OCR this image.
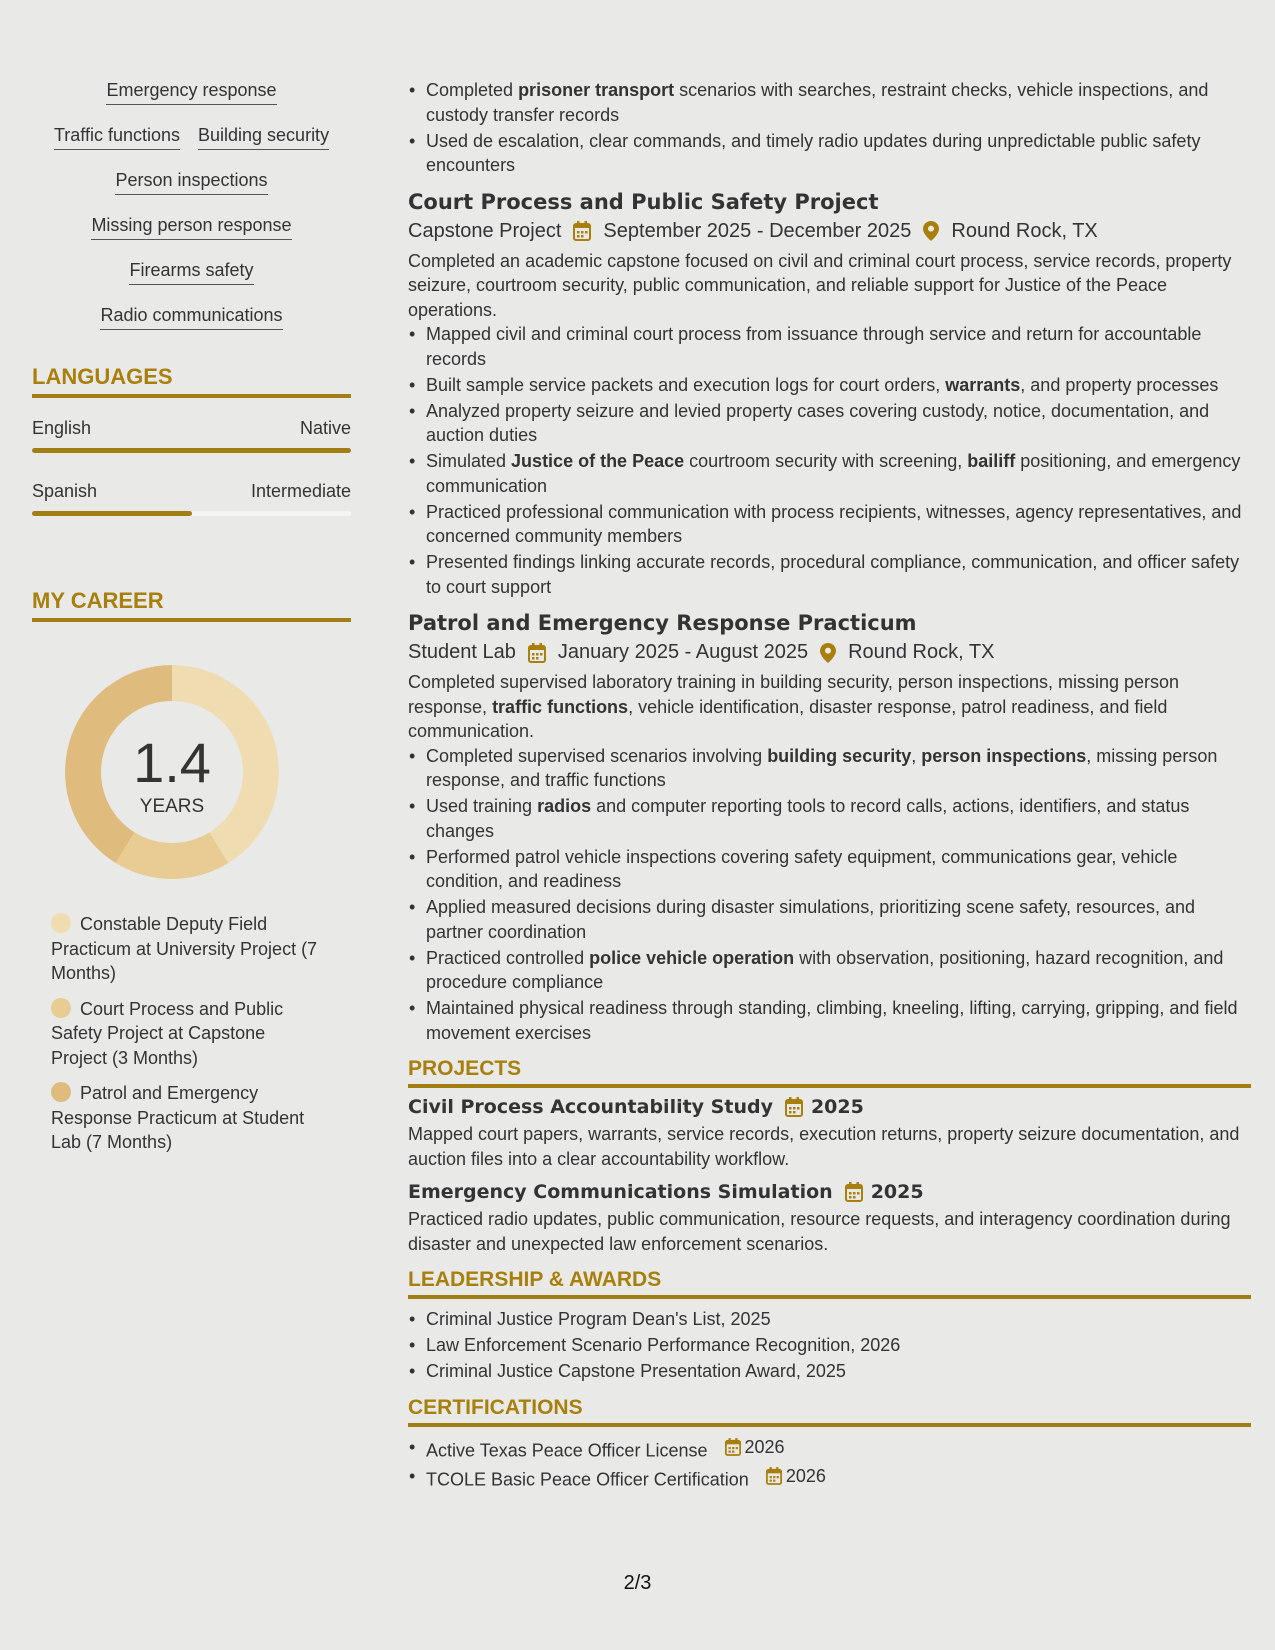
Emergency response
Traffic functions Building security
Person inspections
Missing person response
Firearms safety
Radio communications
LANGUAGES
English	Native
Spanish	Intermediate
MY CAREER
1.4
YEARS
Constable Deputy Field Practicum at University Project (7 Months)
Court Process and Public Safety Project at Capstone Project (3 Months)
Patrol and Emergency Response Practicum at Student Lab (7 Months)
• Completed prisoner transport scenarios with searches, restraint checks, vehicle inspections, and custody transfer records
• Used de escalation, clear commands, and timely radio updates during unpredictable public safety encounters
Court Process and Public Safety Project
Capstone Project September 2025 - December 2025 Round Rock, TX
Completed an academic capstone focused on civil and criminal court process, service records, property seizure, courtroom security, public communication, and reliable support for Justice of the Peace operations.
• Mapped civil and criminal court process from issuance through service and return for accountable records
• Built sample service packets and execution logs for court orders, warrants, and property processes
• Analyzed property seizure and levied property cases covering custody, notice, documentation, and auction duties
• Simulated Justice of the Peace courtroom security with screening, bailiff positioning, and emergency communication
• Practiced professional communication with process recipients, witnesses, agency representatives, and concerned community members
• Presented findings linking accurate records, procedural compliance, communication, and officer safety to court support
Patrol and Emergency Response Practicum
Student Lab January 2025 - August 2025 Round Rock, TX
Completed supervised laboratory training in building security, person inspections, missing person response, traffic functions, vehicle identification, disaster response, patrol readiness, and field communication.
• Completed supervised scenarios involving building security, person inspections, missing person response, and traffic functions
• Used training radios and computer reporting tools to record calls, actions, identifiers, and status changes
• Performed patrol vehicle inspections covering safety equipment, communications gear, vehicle condition, and readiness
• Applied measured decisions during disaster simulations, prioritizing scene safety, resources, and partner coordination
• Practiced controlled police vehicle operation with observation, positioning, hazard recognition, and procedure compliance
• Maintained physical readiness through standing, climbing, kneeling, lifting, carrying, gripping, and field movement exercises
PROJECTS
Civil Process Accountability Study 2025
Mapped court papers, warrants, service records, execution returns, property seizure documentation, and auction files into a clear accountability workflow.
Emergency Communications Simulation 2025
Practiced radio updates, public communication, resource requests, and interagency coordination during disaster and unexpected law enforcement scenarios.
LEADERSHIP & AWARDS
• Criminal Justice Program Dean's List, 2025
• Law Enforcement Scenario Performance Recognition, 2026
• Criminal Justice Capstone Presentation Award, 2025
CERTIFICATIONS
• Active Texas Peace Officer License 2026
• TCOLE Basic Peace Officer Certification 2026
2/3
